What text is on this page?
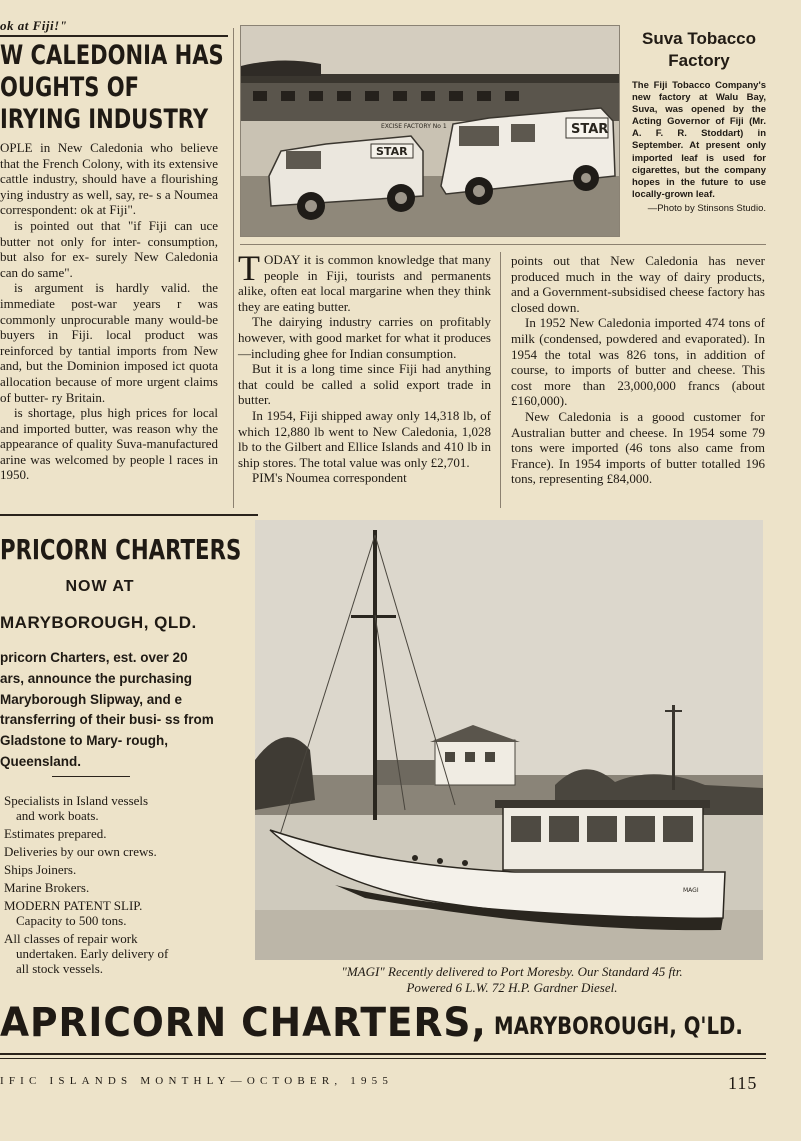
ok at Fiji!"
W CALEDONIA HAS
OUGHTS OF
IRYING INDUSTRY

OPLE in New Caledonia who believe that the French Colony, with its extensive cattle industry, should have a flourishing ying industry as well, say, re- s a Noumea correspondent: ok at Fiji".

is pointed out that "if Fiji can uce butter not only for inter- consumption, but also for ex- surely New Caledonia can do same".

is argument is hardly valid. the immediate post-war years r was commonly unprocurable many would-be buyers in Fiji. local product was reinforced by tantial imports from New and, but the Dominion imposed ict quota allocation because of more urgent claims of butter- ry Britain.

is shortage, plus high prices for local and imported butter, was reason why the appearance of quality Suva-manufactured arine was welcomed by people l races in 1950.

STAR
STAR
EXCISE FACTORY No 1
Suva Tobacco Factory
The Fiji Tobacco Company's new factory at Walu Bay, Suva, was opened by the Acting Governor of Fiji (Mr. A. F. R. Stoddart) in September. At present only imported leaf is used for cigarettes, but the company hopes in the future to use locally-grown leaf.
—Photo by Stinsons Studio.

TODAY it is common knowledge that many people in Fiji, tourists and permanents alike, often eat local margarine when they think they are eating butter.

The dairying industry carries on profitably however, with good market for what it produces—including ghee for Indian consumption.

But it is a long time since Fiji had anything that could be called a solid export trade in butter.

In 1954, Fiji shipped away only 14,318 lb, of which 12,880 lb went to New Caledonia, 1,028 lb to the Gilbert and Ellice Islands and 410 lb in ship stores. The total value was only £2,701.

PIM's Noumea correspondent

points out that New Caledonia has never produced much in the way of dairy products, and a Government-subsidised cheese factory has closed down.

In 1952 New Caledonia imported 474 tons of milk (condensed, powdered and evaporated). In 1954 the total was 826 tons, in addition of course, to imports of butter and cheese. This cost more than 23,000,000 francs (about £160,000).

New Caledonia is a goood customer for Australian butter and cheese. In 1954 some 79 tons were imported (46 tons also came from France). In 1954 imports of butter totalled 196 tons, representing £84,000.

PRICORN CHARTERS
NOW AT
MARYBOROUGH, QLD.
pricorn Charters, est. over 20 ars, announce the purchasing Maryborough Slipway, and e transferring of their busi- ss from Gladstone to Mary- rough, Queensland.
Specialists in Island vessels
and work boats.
Estimates prepared.
Deliveries by our own crews.
Ships Joiners.
Marine Brokers.
MODERN PATENT SLIP.
Capacity to 500 tons.
All classes of repair work
undertaken. Early delivery of
all stock vessels.
MAGI
"MAGI" Recently delivered to Port Moresby. Our Standard 45 ftr.
Powered 6 L.W. 72 H.P. Gardner Diesel.
APRICORN CHARTERS, MARYBOROUGH, Q'LD.
IFIC ISLANDS MONTHLY—OCTOBER, 1955	115
